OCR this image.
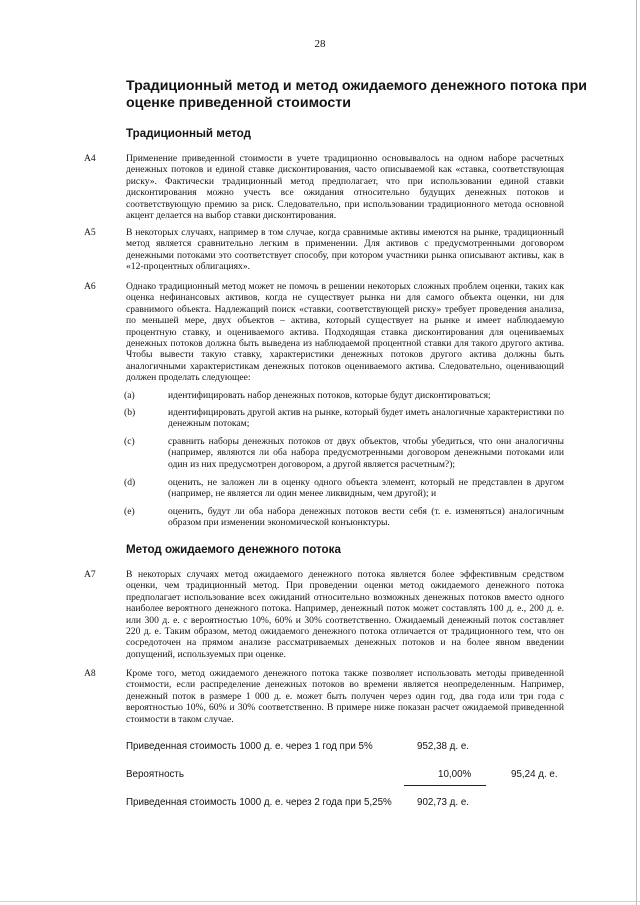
28
Традиционный метод и метод ожидаемого денежного потока при оценке приведенной стоимости
Традиционный метод
A4	Применение приведенной стоимости в учете традиционно основывалось на одном наборе расчетных денежных потоков и единой ставке дисконтирования, часто описываемой как «ставка, соответствующая риску». Фактически традиционный метод предполагает, что при использовании единой ставки дисконтирования можно учесть все ожидания относительно будущих денежных потоков и соответствующую премию за риск. Следовательно, при использовании традиционного метода основной акцент делается на выбор ставки дисконтирования.
A5	В некоторых случаях, например в том случае, когда сравнимые активы имеются на рынке, традиционный метод является сравнительно легким в применении. Для активов с предусмотренными договором денежными потоками это соответствует способу, при котором участники рынка описывают активы, как в «12-процентных облигациях».
A6	Однако традиционный метод может не помочь в решении некоторых сложных проблем оценки, таких как оценка нефинансовых активов, когда не существует рынка ни для самого объекта оценки, ни для сравнимого объекта. Надлежащий поиск «ставки, соответствующей риску» требует проведения анализа, по меньшей мере, двух объектов – актива, который существует на рынке и имеет наблюдаемую процентную ставку, и оцениваемого актива. Подходящая ставка дисконтирования для оцениваемых денежных потоков должна быть выведена из наблюдаемой процентной ставки для такого другого актива. Чтобы вывести такую ставку, характеристики денежных потоков другого актива должны быть аналогичными характеристикам денежных потоков оцениваемого актива. Следовательно, оценивающий должен проделать следующее:
(a)	идентифицировать набор денежных потоков, которые будут дисконтироваться;
(b)	идентифицировать другой актив на рынке, который будет иметь аналогичные характеристики по денежным потокам;
(c)	сравнить наборы денежных потоков от двух объектов, чтобы убедиться, что они аналогичны (например, являются ли оба набора предусмотренными договором денежными потоками или один из них предусмотрен договором, а другой является расчетным?);
(d)	оценить, не заложен ли в оценку одного объекта элемент, который не представлен в другом (например, не является ли один менее ликвидным, чем другой); и
(e)	оценить, будут ли оба набора денежных потоков вести себя (т. е. изменяться) аналогичным образом при изменении экономической конъюнктуры.
Метод ожидаемого денежного потока
A7	В некоторых случаях метод ожидаемого денежного потока является более эффективным средством оценки, чем традиционный метод. При проведении оценки метод ожидаемого денежного потока предполагает использование всех ожиданий относительно возможных денежных потоков вместо одного наиболее вероятного денежного потока. Например, денежный поток может составлять 100 д. е., 200 д. е. или 300 д. е. с вероятностью 10%, 60% и 30% соответственно. Ожидаемый денежный поток составляет 220 д. е. Таким образом, метод ожидаемого денежного потока отличается от традиционного тем, что он сосредоточен на прямом анализе рассматриваемых денежных потоков и на более явном введении допущений, используемых при оценке.
A8	Кроме того, метод ожидаемого денежного потока также позволяет использовать методы приведенной стоимости, если распределение денежных потоков во времени является неопределенным. Например, денежный поток в размере 1 000 д. е. может быть получен через один год, два года или три года с вероятностью 10%, 60% и 30% соответственно. В примере ниже показан расчет ожидаемой приведенной стоимости в таком случае.
Приведенная стоимость 1000 д. е. через 1 год при 5%	952,38 д. е.
Вероятность	10,00%	95,24 д. е.
Приведенная стоимость 1000 д. е. через 2 года при 5,25%	902,73 д. е.
